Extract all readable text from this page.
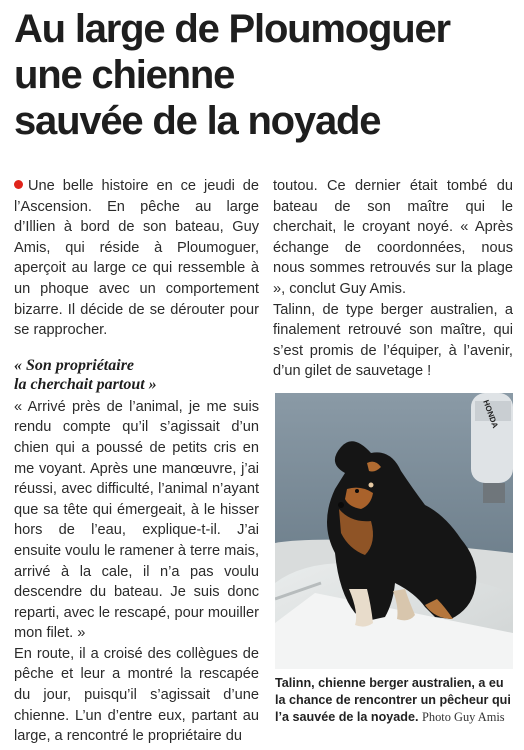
Au large de Ploumoguer
une chienne
sauvée de la noyade

Une belle histoire en ce jeudi de l’Ascension. En pêche au large d’Illien à bord de son bateau, Guy Amis, qui réside à Ploumoguer, aperçoit au large ce qui ressemble à un phoque avec un comportement bizarre. Il décide de se dérouter pour se rapprocher.

« Son propriétaire
la cherchait partout »

« Arrivé près de l’animal, je me suis rendu compte qu’il s’agissait d’un chien qui a poussé de petits cris en me voyant. Après une manœuvre, j’ai réussi, avec difficulté, l’animal n’ayant que sa tête qui émergeait, à le hisser hors de l’eau, explique-t-il. J’ai ensuite voulu le ramener à terre mais, arrivé à la cale, il n’a pas voulu descendre du bateau. Je suis donc reparti, avec le rescapé, pour mouiller mon filet. »

En route, il a croisé des collègues de pêche et leur a montré la rescapée du jour, puisqu’il s’agissait d’une chienne. L’un d’entre eux, partant au large, a rencontré le propriétaire du

toutou. Ce dernier était tombé du bateau de son maître qui le cherchait, le croyant noyé. « Après échange de coordonnées, nous nous sommes retrouvés sur la plage », conclut Guy Amis.

Talinn, de type berger australien, a finalement retrouvé son maître, qui s’est promis de l’équiper, à l’avenir, d’un gilet de sauvetage !

HONDA
Talinn, chienne berger australien, a eu la chance de rencontrer un pêcheur qui l’a sauvée de la noyade. Photo Guy Amis
